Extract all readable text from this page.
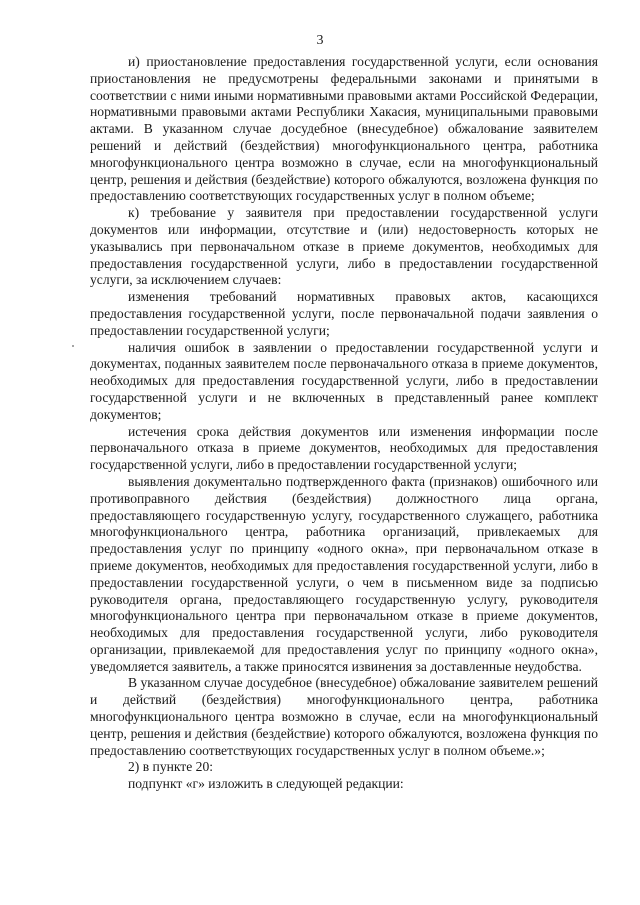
3

и) приостановление предоставления государственной услуги, если основания приостановления не предусмотрены федеральными законами и принятыми в соответствии с ними иными нормативными правовыми актами Российской Федерации, нормативными правовыми актами Республики Хакасия, муниципальными правовыми актами. В указанном случае досудебное (внесудебное) обжалование заявителем решений и действий (бездействия) многофункционального центра, работника многофункционального центра возможно в случае, если на многофункциональный центр, решения и действия (бездействие) которого обжалуются, возложена функция по предоставлению соответствующих государственных услуг в полном объеме;

к) требование у заявителя при предоставлении государственной услуги документов или информации, отсутствие и (или) недостоверность которых не указывались при первоначальном отказе в приеме документов, необходимых для предоставления государственной услуги, либо в предоставлении государственной услуги, за исключением случаев:

изменения требований нормативных правовых актов, касающихся предоставления государственной услуги, после первоначальной подачи заявления о предоставлении государственной услуги;

наличия ошибок в заявлении о предоставлении государственной услуги и документах, поданных заявителем после первоначального отказа в приеме документов, необходимых для предоставления государственной услуги, либо в предоставлении государственной услуги и не включенных в представленный ранее комплект документов;

истечения срока действия документов или изменения информации после первоначального отказа в приеме документов, необходимых для предоставления государственной услуги, либо в предоставлении государственной услуги;

выявления документально подтвержденного факта (признаков) ошибочного или противоправного действия (бездействия) должностного лица органа, предоставляющего государственную услугу, государственного служащего, работника многофункционального центра, работника организаций, привлекаемых для предоставления услуг по принципу «одного окна», при первоначальном отказе в приеме документов, необходимых для предоставления государственной услуги, либо в предоставлении государственной услуги, о чем в письменном виде за подписью руководителя органа, предоставляющего государственную услугу, руководителя многофункционального центра при первоначальном отказе в приеме документов, необходимых для предоставления государственной услуги, либо руководителя организации, привлекаемой для предоставления услуг по принципу «одного окна», уведомляется заявитель, а также приносятся извинения за доставленные неудобства.

В указанном случае досудебное (внесудебное) обжалование заявителем решений и действий (бездействия) многофункционального центра, работника многофункционального центра возможно в случае, если на многофункциональный центр, решения и действия (бездействие) которого обжалуются, возложена функция по предоставлению соответствующих государственных услуг в полном объеме.»;

2) в пункте 20:

подпункт «г» изложить в следующей редакции:
